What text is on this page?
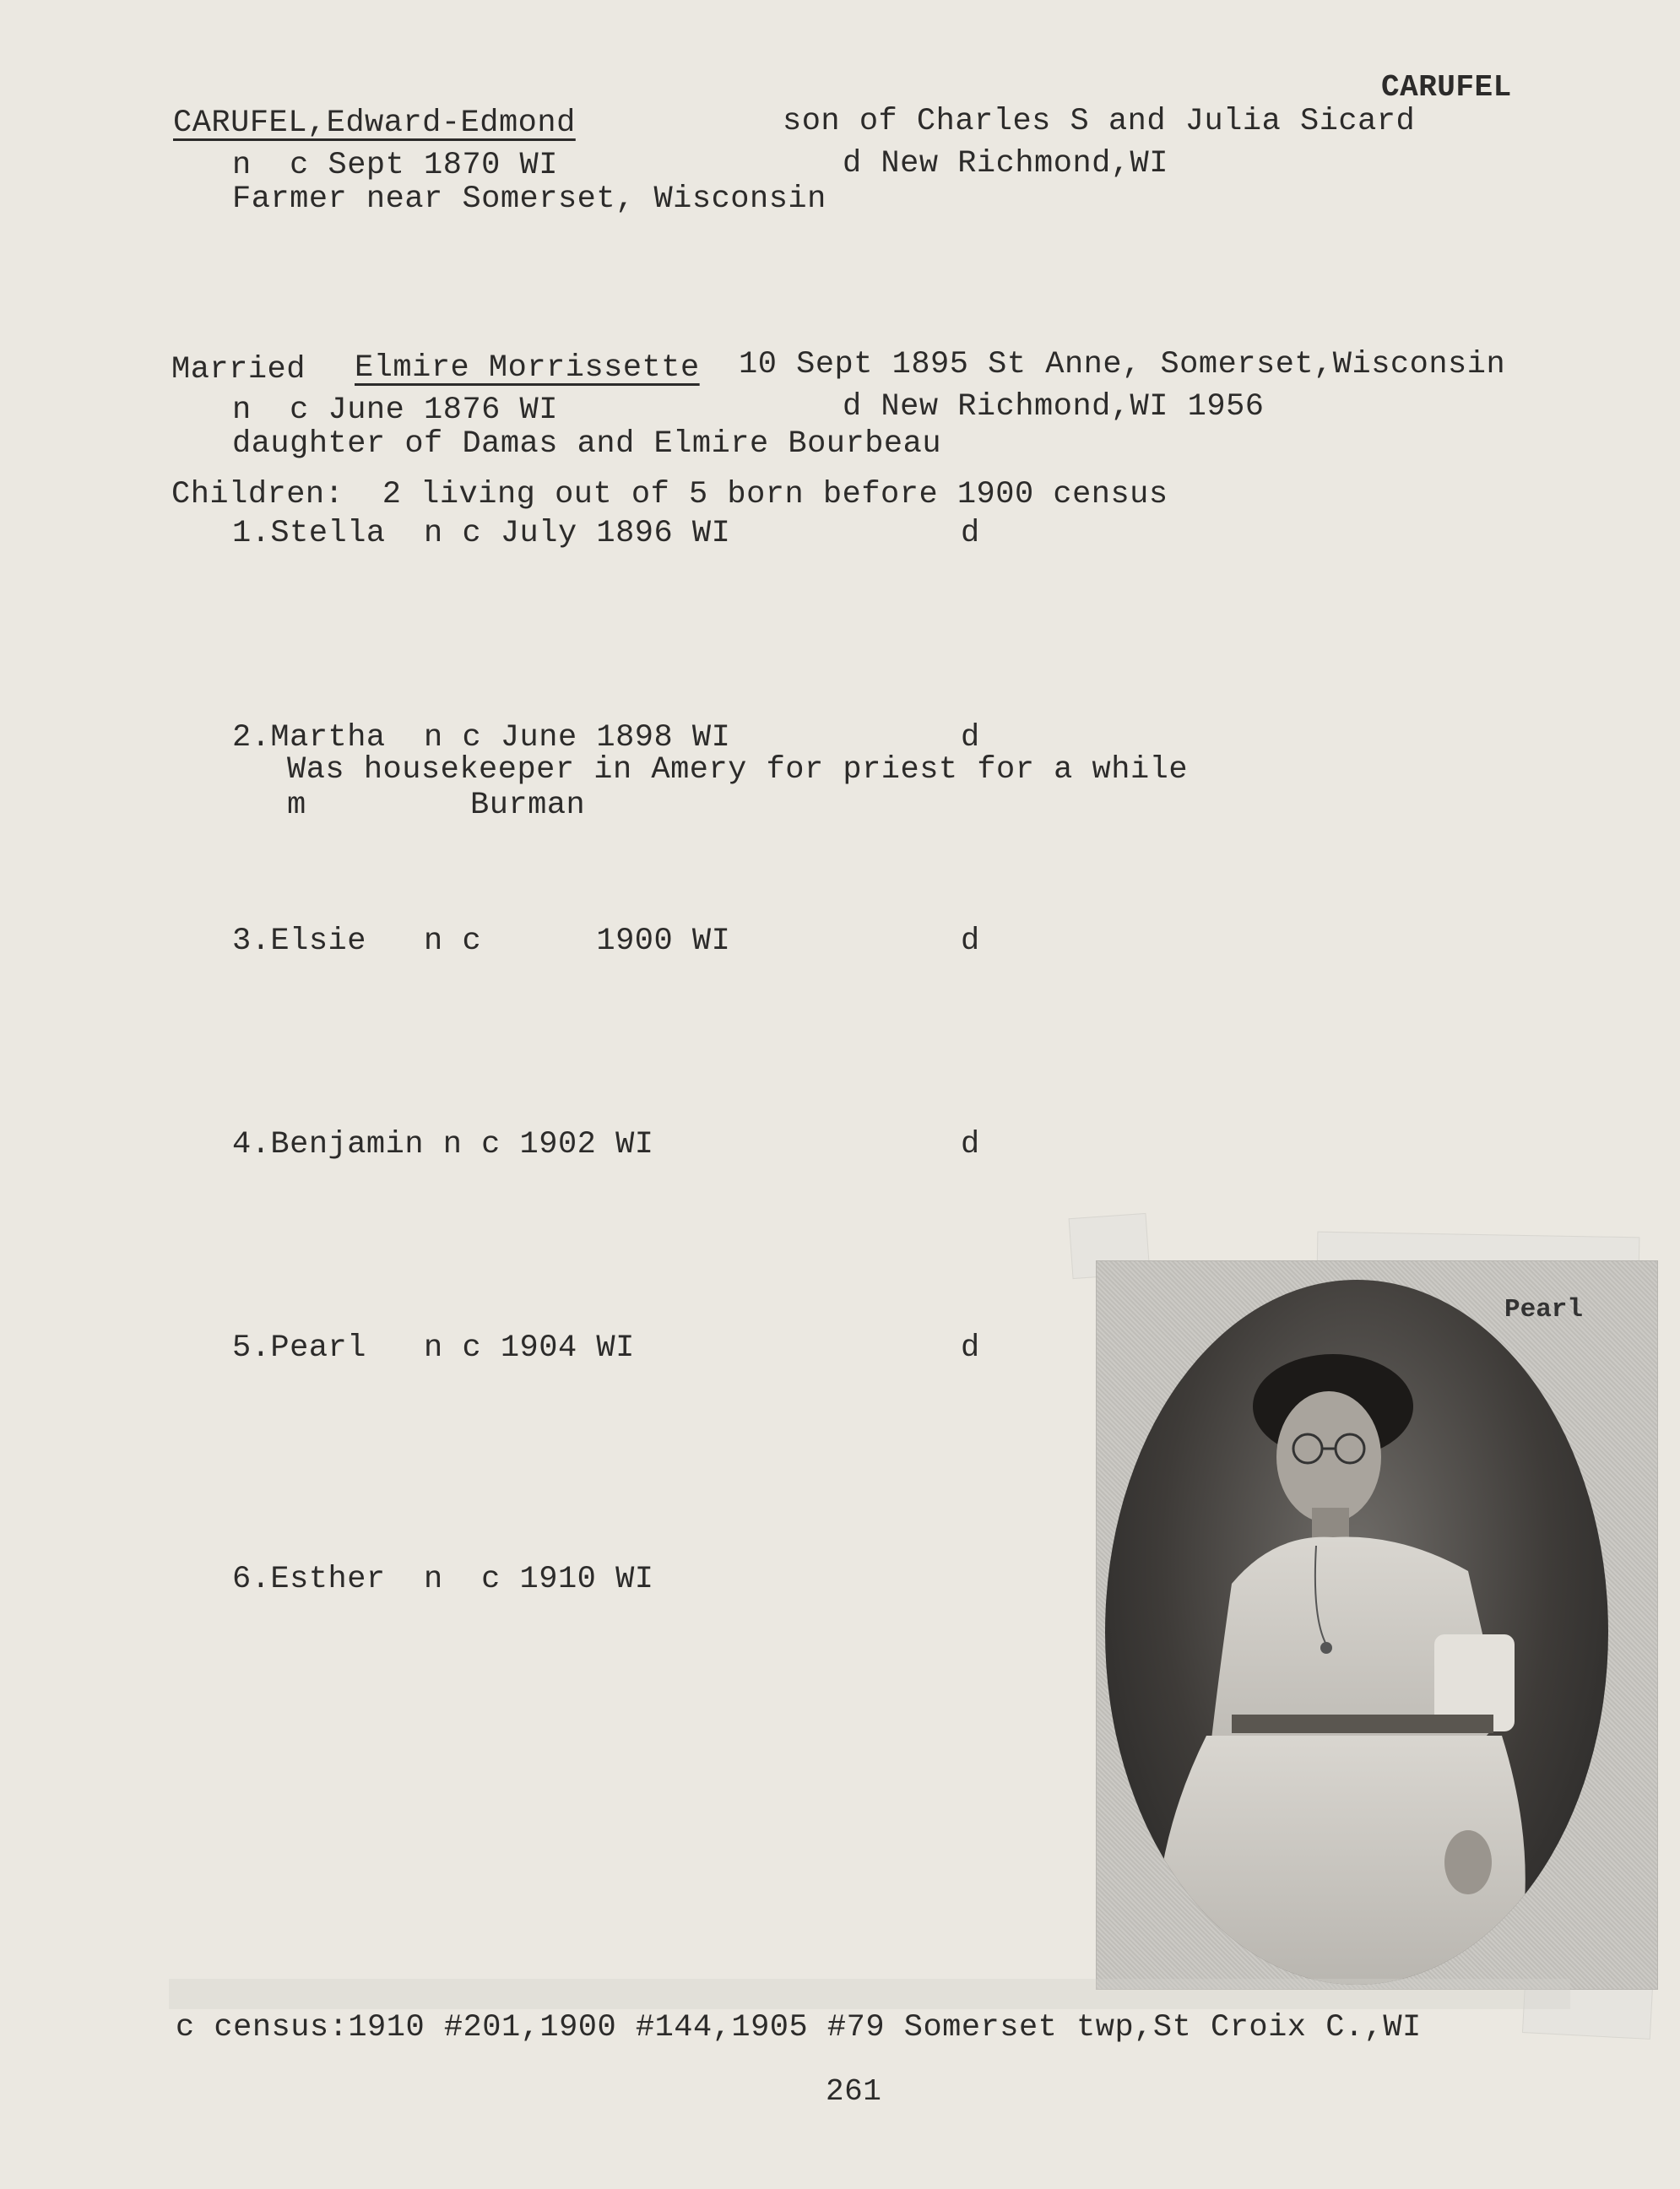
CARUFEL
CARUFEL,Edward-Edmond	son of Charles S and Julia Sicard
n  c Sept 1870 WI	d New Richmond,WI
Farmer near Somerset, Wisconsin
Married Elmire Morrissette 10 Sept 1895 St Anne, Somerset,Wisconsin
n  c June 1876 WI	d New Richmond,WI 1956
daughter of Damas and Elmire Bourbeau
Children:  2 living out of 5 born before 1900 census
1.Stella  n c July 1896 WI	d
2.Martha  n c June 1898 WI	d
Was housekeeper in Amery for priest for a while
m	Burman
3.Elsie   n c      1900 WI	d
4.Benjamin n c 1902 WI	d
5.Pearl   n c 1904 WI	d
6.Esther  n  c 1910 WI
Pearl
c census:1910 #201,1900 #144,1905 #79 Somerset twp,St Croix C.,WI
261
